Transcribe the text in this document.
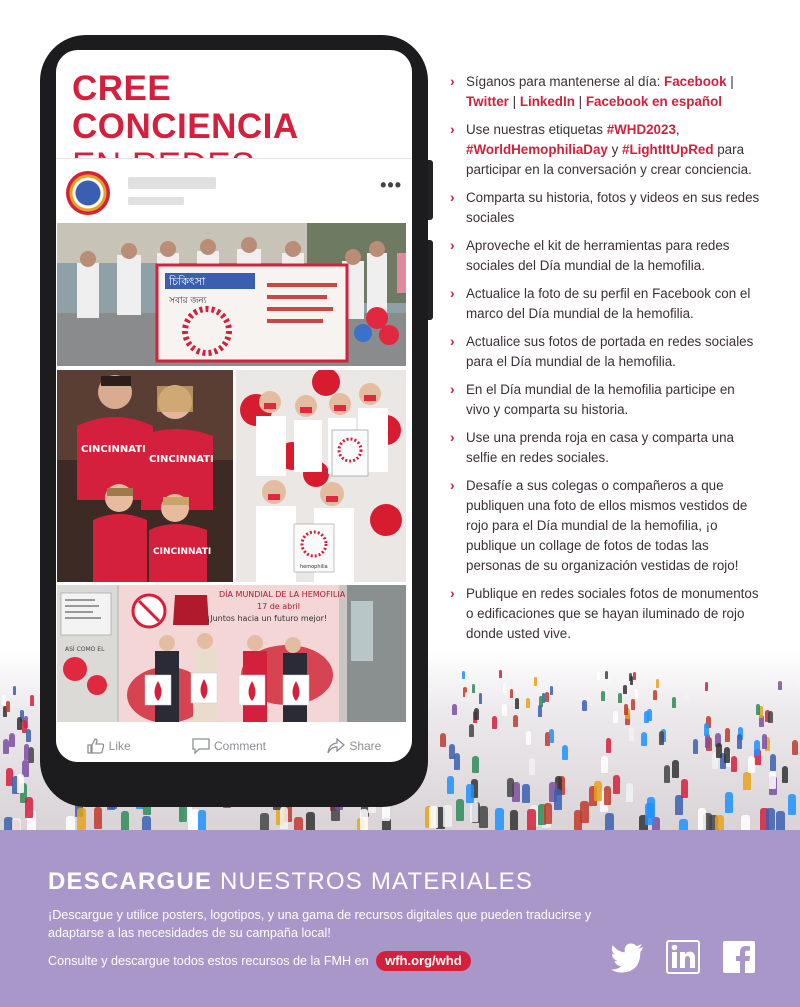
CREE CONCIENCIA
•••
চিকিৎসা
সবার জন্য
CINCINNATI
CINCINNATI
CINCINNATI
hemophilia
DÍA MUNDIAL DE LA HEMOFILIA
17 de abril
¡Juntos hacia un futuro mejor!
ASÍ COMO EL
Like	Comment	Share
› Síganos para mantenerse al día: Facebook | Twitter | LinkedIn | Facebook en español
› Use nuestras etiquetas #WHD2023, #WorldHemophiliaDay y #LightItUpRed para participar en la conversación y crear conciencia.
› Comparta su historia, fotos y videos en sus redes sociales
› Aproveche el kit de herramientas para redes sociales del Día mundial de la hemofilia.
› Actualice la foto de su perfil en Facebook con el marco del Día mundial de la hemofilia.
› Actualice sus fotos de portada en redes sociales para el Día mundial de la hemofilia.
› En el Día mundial de la hemofilia participe en vivo y comparta su historia.
› Use una prenda roja en casa y comparta una selfie en redes sociales.
› Desafíe a sus colegas o compañeros a que publiquen una foto de ellos mismos vestidos de rojo para el Día mundial de la hemofilia, ¡o publique un collage de fotos de todas las personas de su organización vestidas de rojo!
› Publique en redes sociales fotos de monumentos o edificaciones que se hayan iluminado de rojo donde usted vive.
DESCARGUE NUESTROS MATERIALES
¡Descargue y utilice posters, logotipos, y una gama de recursos digitales que pueden traducirse y adaptarse a las necesidades de su campaña local!
Consulte y descargue todos estos recursos de la FMH en wfh.org/whd
